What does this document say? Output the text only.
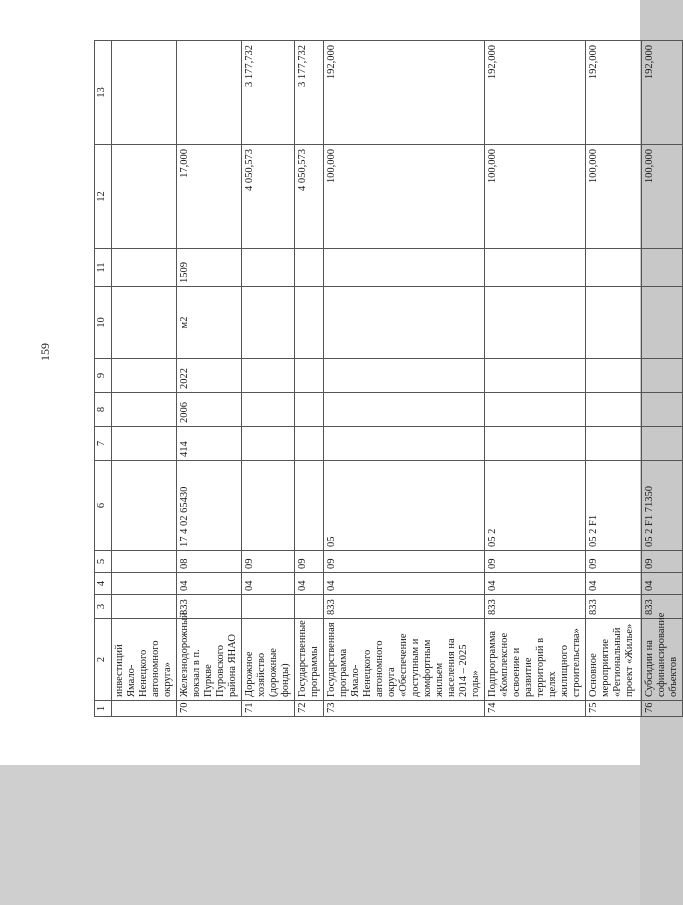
159
1	2	3	4	5	6	7	8	9	10	11	12	13
	инвестиций Ямало-Ненецкого автономного округа»											
70	Железнодорожный вокзал в п. Пуркве Пуровского района ЯНАО	833	04	08	17 4 02 65430	414	2006	2022	м2	1509	17,000	
71	Дорожное хозяйство (дорожные фонды)		04	09							4 050,573	3 177,732
72	Государственные программы		04	09							4 050,573	3 177,732
73	Государственная программа Ямало-Ненецкого автономного округа «Обеспечение доступным и комфортным жильем населения на 2014 – 2025 годы»	833	04	09	05						100,000	192,000
74	Подпрограмма «Комплексное освоение и развитие территорий в целях жилищного строительства»	833	04	09	05 2						100,000	192,000
75	Основное мероприятие «Региональный проект «Жилье»	833	04	09	05 2 F1						100,000	192,000
76	Субсидии на софинансирование объектов	833	04	09	05 2 F1 71350						100,000	192,000
